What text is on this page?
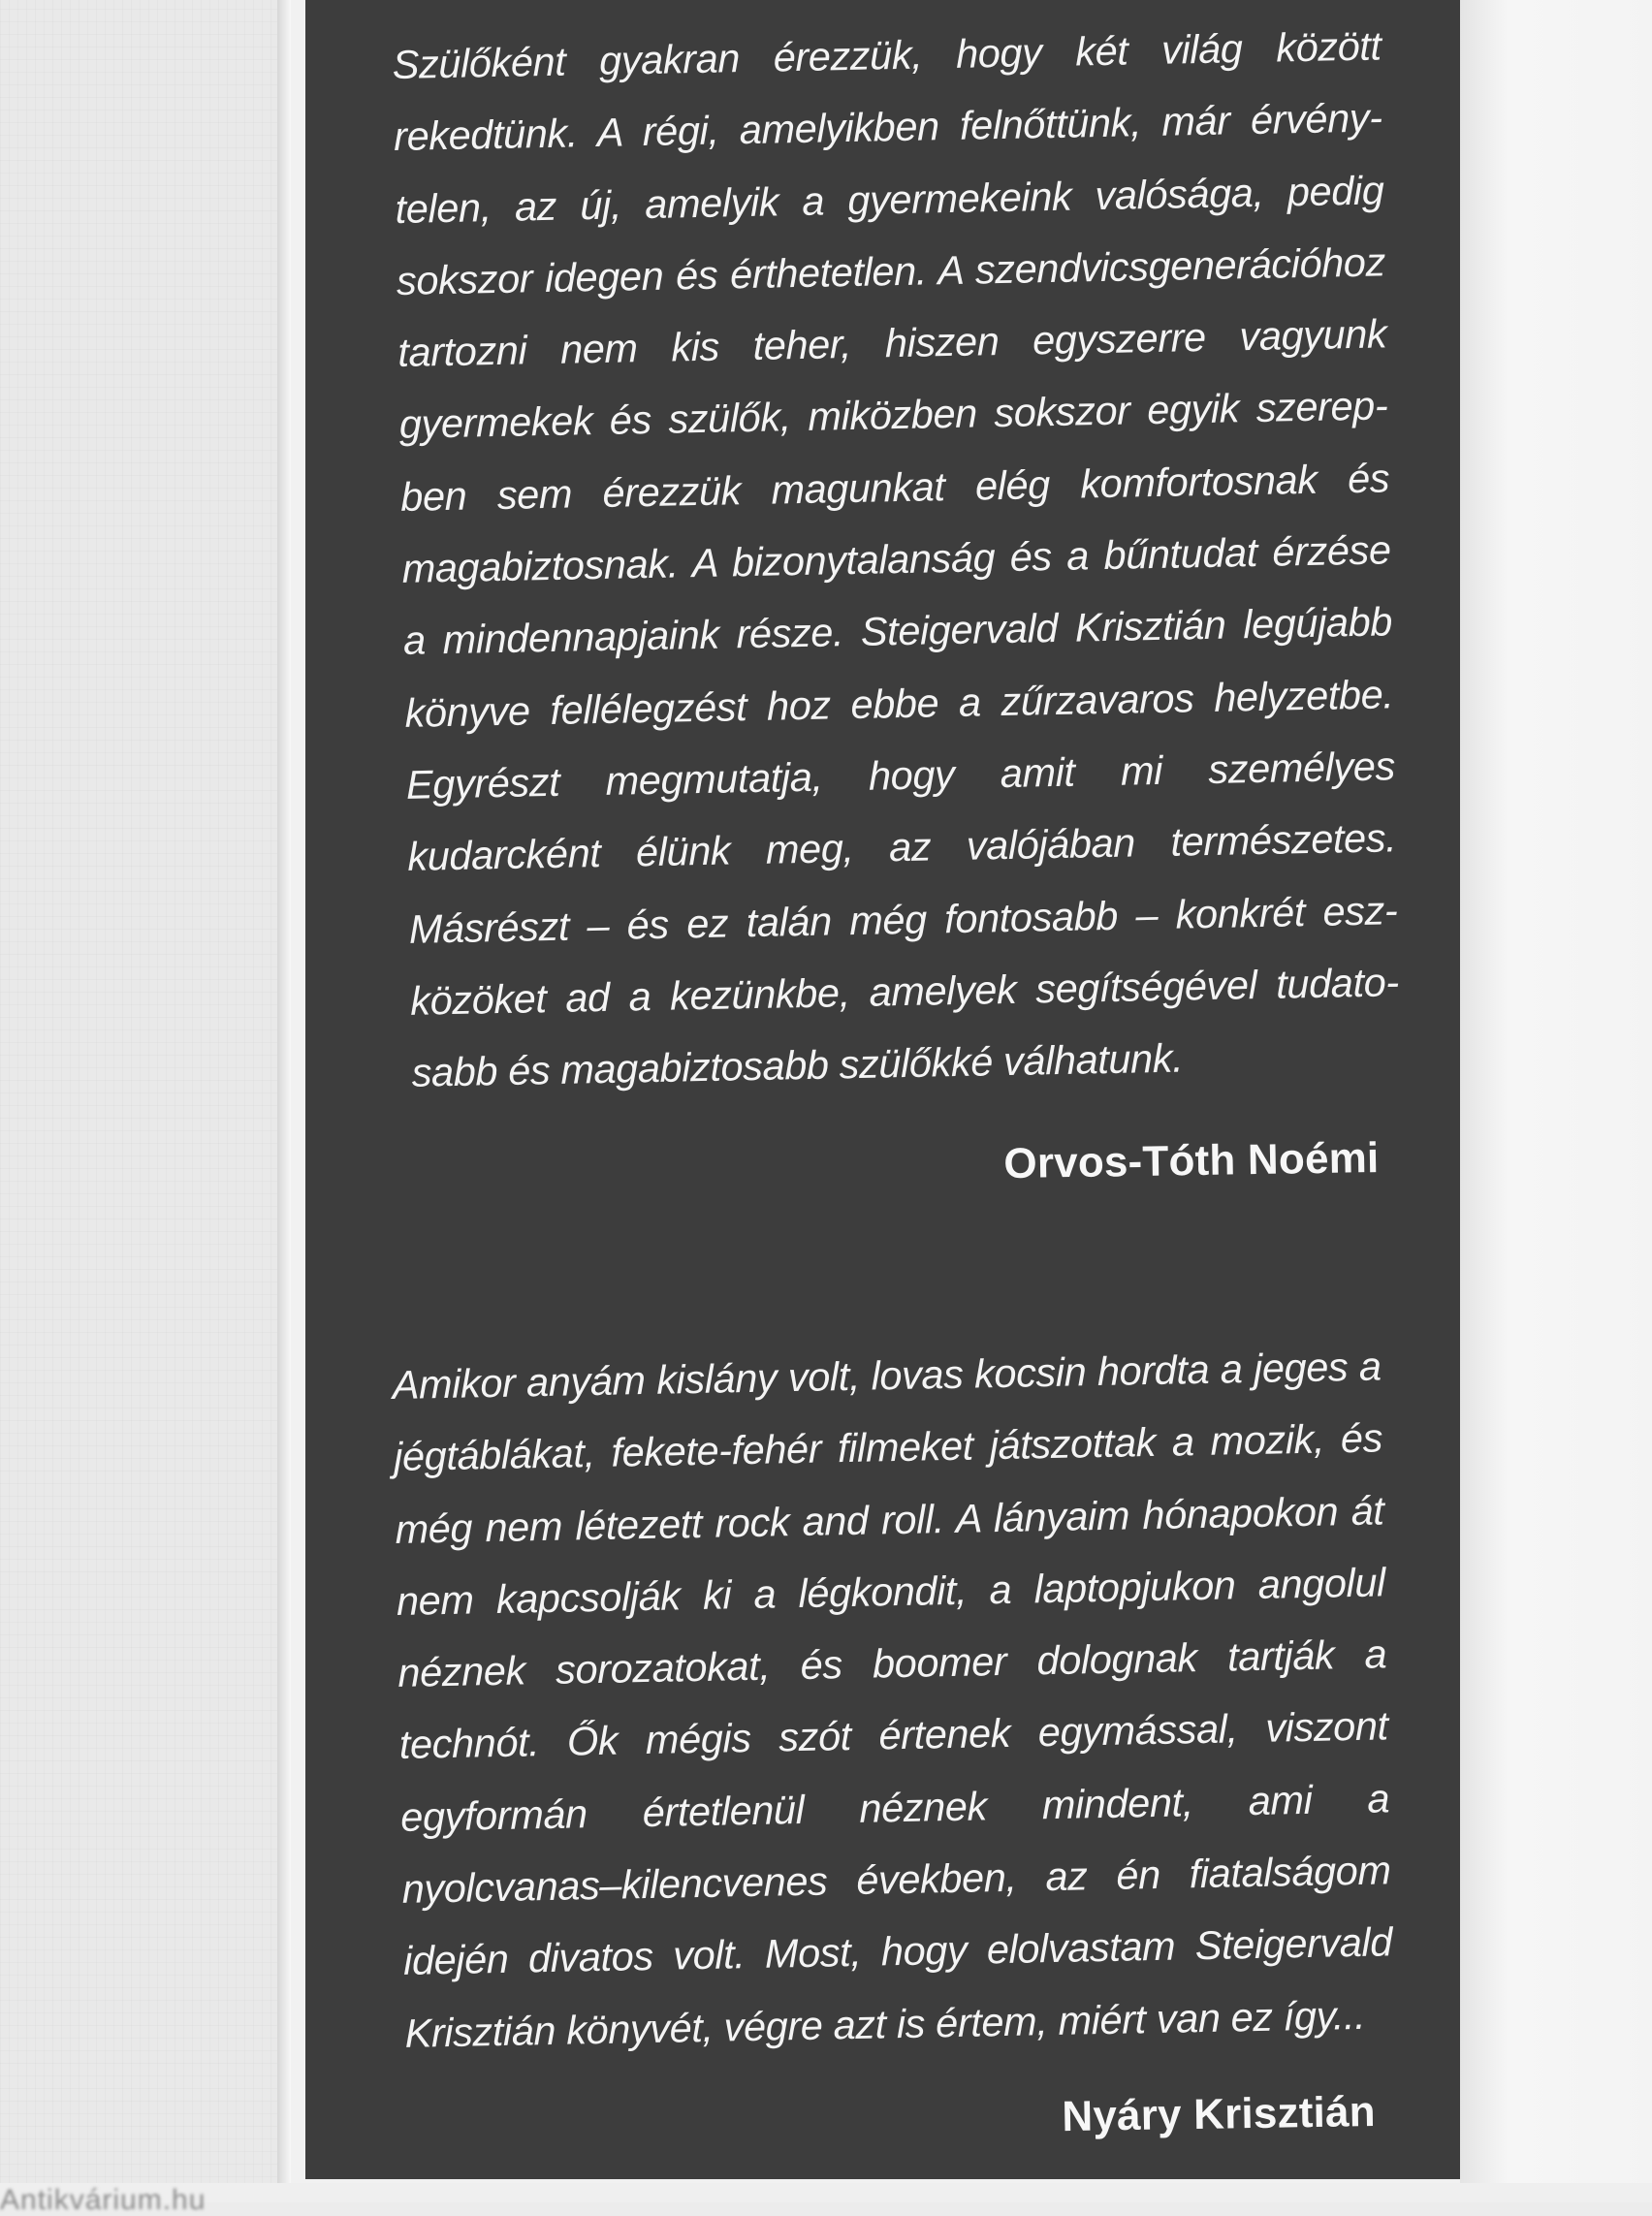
Szülőként gyakran érezzük, hogy két világ között rekedtünk. A régi, amelyikben felnőttünk, már érvénytelen, az új, amelyik a gyermekeink valósága, pedig sokszor idegen és érthetetlen. A szendvicsgenerációhoz tartozni nem kis teher, hiszen egyszerre vagyunk gyermekek és szülők, miközben sokszor egyik szerepben sem érezzük magunkat elég komfortosnak és magabiztosnak. A bizonytalanság és a bűntudat érzése a mindennapjaink része. Steigervald Krisztián legújabb könyve fellélegzést hoz ebbe a zűrzavaros helyzetbe. Egyrészt megmutatja, hogy amit mi személyes kudarcként élünk meg, az valójában természetes. Másrészt – és ez talán még fontosabb – konkrét eszközöket ad a kezünkbe, amelyek segítségével tudatosabb és magabiztosabb szülőkké válhatunk.
Orvos-Tóth Noémi
Amikor anyám kislány volt, lovas kocsin hordta a jeges a jégtáblákat, fekete-fehér filmeket játszottak a mozik, és még nem létezett rock and roll. A lányaim hónapokon át nem kapcsolják ki a légkondit, a laptopjukon angolul néznek sorozatokat, és boomer dolognak tartják a technót. Ők mégis szót értenek egymással, viszont egyformán értetlenül néznek mindent, ami a nyolcvanas–kilencvenes években, az én fiatalságom idején divatos volt. Most, hogy elolvastam Steigervald Krisztián könyvét, végre azt is értem, miért van ez így...
Nyáry Krisztián
Antikvárium.hu
